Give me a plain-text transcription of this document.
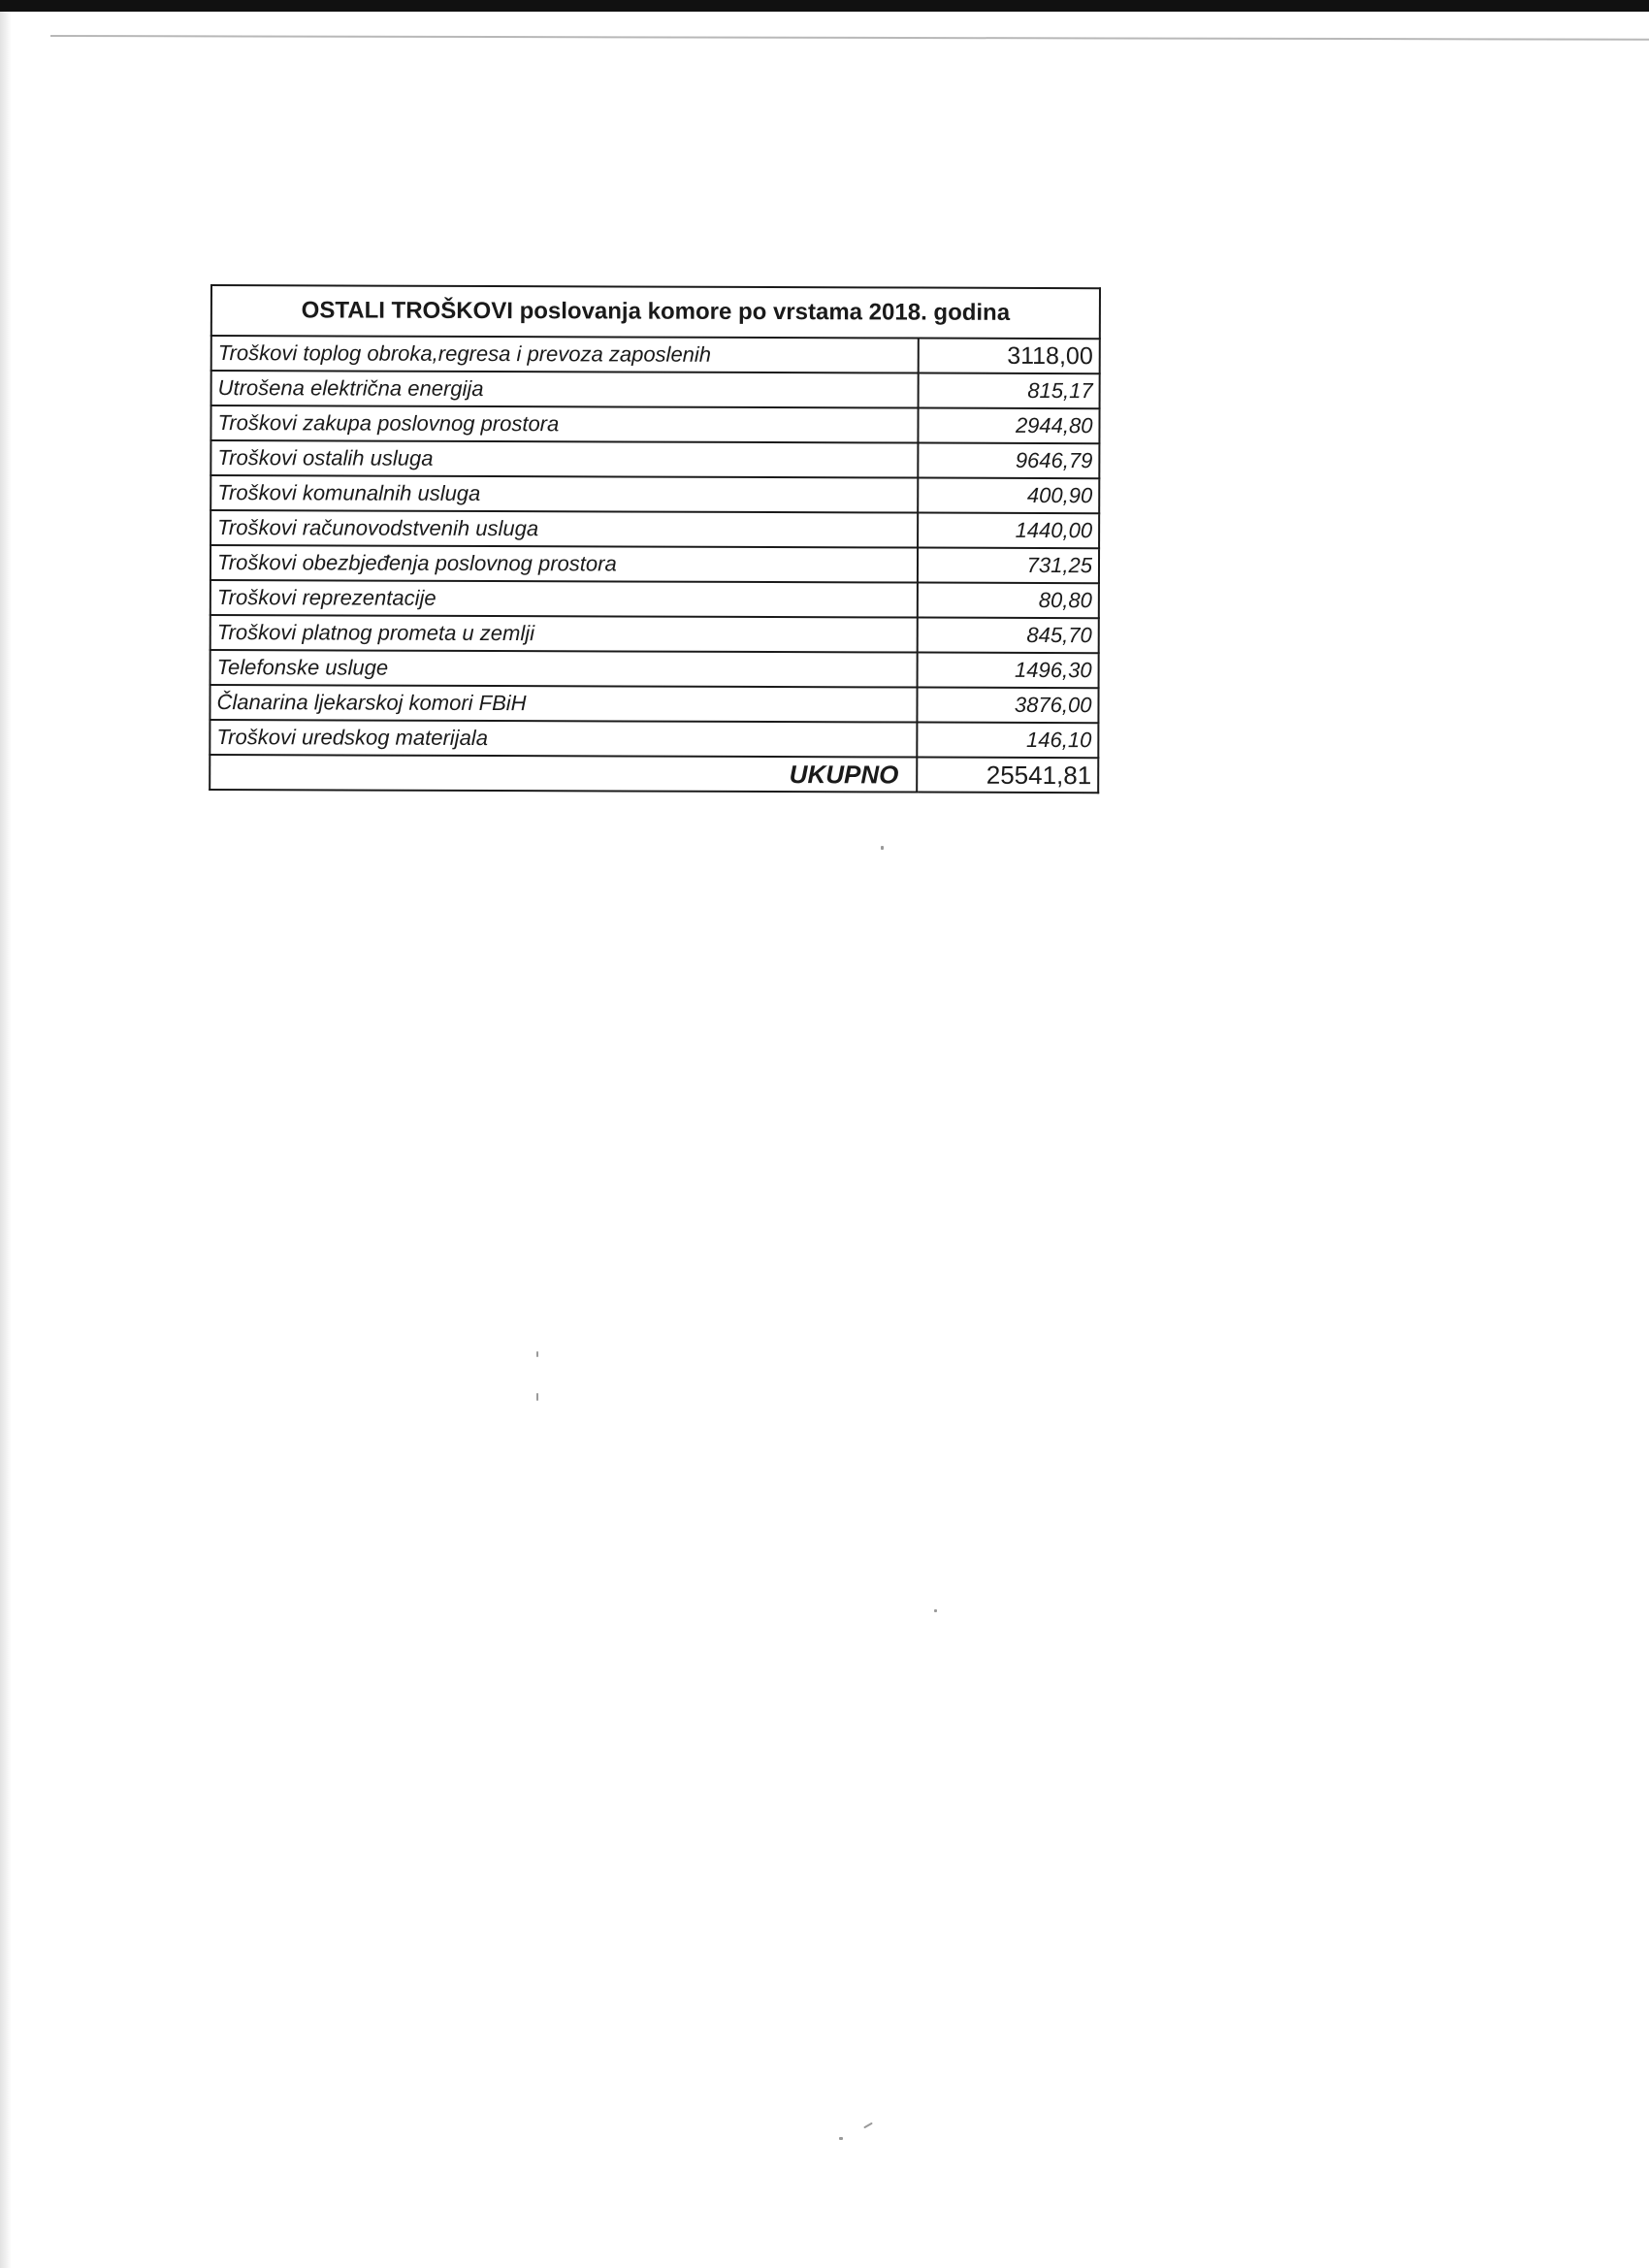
OSTALI TROŠKOVI poslovanja komore po vrstama 2018. godina	
Troškovi toplog obroka,regresa i prevoza zaposlenih	3118,00
Utrošena električna energija	815,17
Troškovi zakupa poslovnog prostora	2944,80
Troškovi ostalih usluga	9646,79
Troškovi komunalnih usluga	400,90
Troškovi računovodstvenih usluga	1440,00
Troškovi obezbjeđenja poslovnog prostora	731,25
Troškovi reprezentacije	80,80
Troškovi platnog prometa u zemlji	845,70
Telefonske usluge	1496,30
Članarina ljekarskoj komori FBiH	3876,00
Troškovi uredskog materijala	146,10
UKUPNO	25541,81
